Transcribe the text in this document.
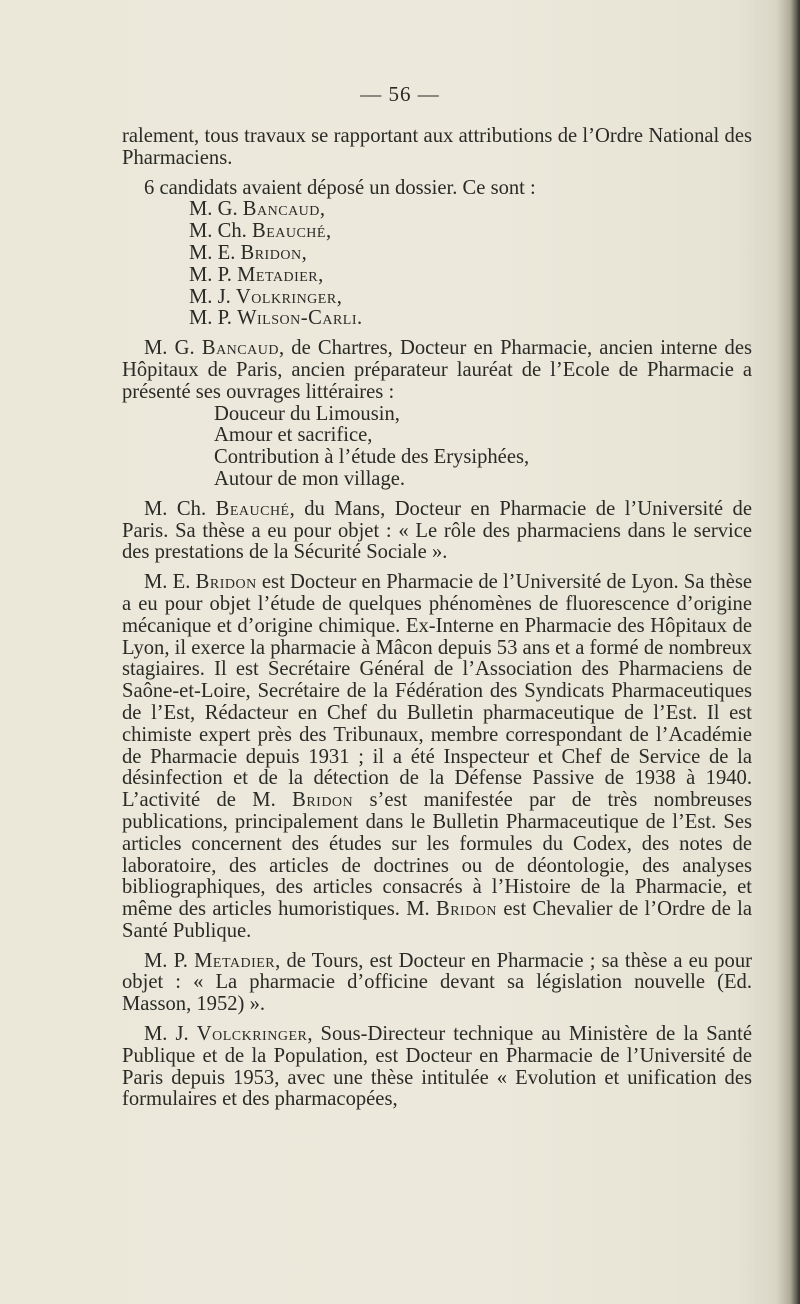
— 56 —

ralement, tous travaux se rapportant aux attributions de l’Ordre National des Pharmaciens.

6 candidats avaient déposé un dossier. Ce sont :

M. G. Bancaud,
M. Ch. Beauché,
M. E. Bridon,
M. P. Metadier,
M. J. Volkringer,
M. P. Wilson-Carli.

M. G. Bancaud, de Chartres, Docteur en Pharmacie, ancien interne des Hôpitaux de Paris, ancien préparateur lauréat de l’Ecole de Pharmacie a présenté ses ouvrages littéraires :

Douceur du Limousin,
Amour et sacrifice,
Contribution à l’étude des Erysiphées,
Autour de mon village.

M. Ch. Beauché, du Mans, Docteur en Pharmacie de l’Université de Paris. Sa thèse a eu pour objet : « Le rôle des pharmaciens dans le service des prestations de la Sécurité Sociale ».

M. E. Bridon est Docteur en Pharmacie de l’Université de Lyon. Sa thèse a eu pour objet l’étude de quelques phénomènes de fluorescence d’origine mécanique et d’origine chimique. Ex-Interne en Pharmacie des Hôpitaux de Lyon, il exerce la pharmacie à Mâcon depuis 53 ans et a formé de nombreux stagiaires. Il est Secrétaire Général de l’Association des Pharmaciens de Saône-et-Loire, Secrétaire de la Fédération des Syndicats Pharmaceutiques de l’Est, Rédacteur en Chef du Bulletin pharmaceutique de l’Est. Il est chimiste expert près des Tribunaux, membre correspondant de l’Académie de Pharmacie depuis 1931 ; il a été Inspecteur et Chef de Service de la désinfection et de la détection de la Défense Passive de 1938 à 1940. L’activité de M. Bridon s’est manifestée par de très nombreuses publications, principalement dans le Bulletin Pharmaceutique de l’Est. Ses articles concernent des études sur les formules du Codex, des notes de laboratoire, des articles de doctrines ou de déontologie, des analyses bibliographiques, des articles consacrés à l’Histoire de la Pharmacie, et même des articles humoristiques. M. Bridon est Chevalier de l’Ordre de la Santé Publique.

M. P. Metadier, de Tours, est Docteur en Pharmacie ; sa thèse a eu pour objet : « La pharmacie d’officine devant sa législation nouvelle (Ed. Masson, 1952) ».

M. J. Volckringer, Sous-Directeur technique au Ministère de la Santé Publique et de la Population, est Docteur en Pharmacie de l’Université de Paris depuis 1953, avec une thèse intitulée « Evolution et unification des formulaires et des pharmacopées,
